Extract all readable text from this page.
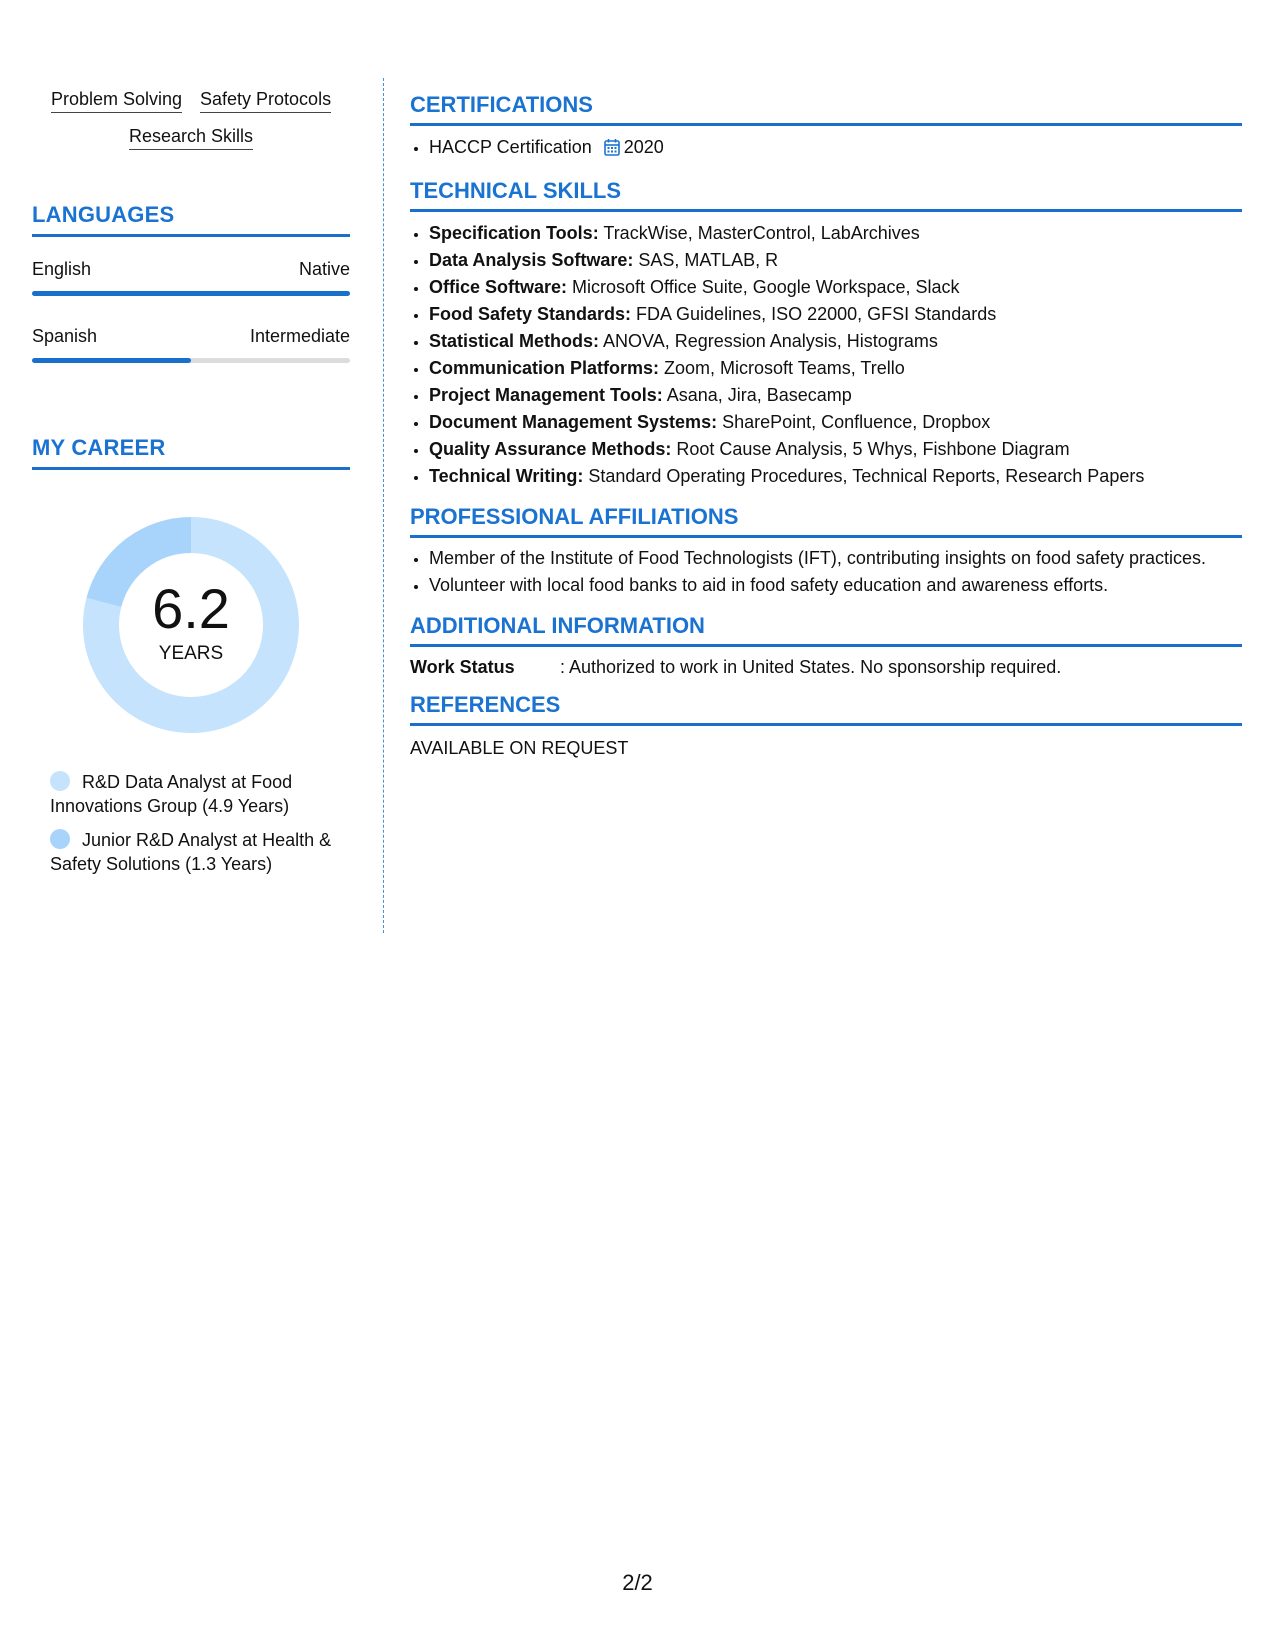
Problem Solving Safety Protocols
Research Skills
LANGUAGES
English	Native
Spanish	Intermediate
MY CAREER
6.2
YEARS
R&D Data Analyst at Food Innovations Group (4.9 Years)
Junior R&D Analyst at Health & Safety Solutions (1.3 Years)
CERTIFICATIONS
• HACCP Certification 2020
TECHNICAL SKILLS
• Specification Tools: TrackWise, MasterControl, LabArchives
• Data Analysis Software: SAS, MATLAB, R
• Office Software: Microsoft Office Suite, Google Workspace, Slack
• Food Safety Standards: FDA Guidelines, ISO 22000, GFSI Standards
• Statistical Methods: ANOVA, Regression Analysis, Histograms
• Communication Platforms: Zoom, Microsoft Teams, Trello
• Project Management Tools: Asana, Jira, Basecamp
• Document Management Systems: SharePoint, Confluence, Dropbox
• Quality Assurance Methods: Root Cause Analysis, 5 Whys, Fishbone Diagram
• Technical Writing: Standard Operating Procedures, Technical Reports, Research Papers
PROFESSIONAL AFFILIATIONS
• Member of the Institute of Food Technologists (IFT), contributing insights on food safety practices.
• Volunteer with local food banks to aid in food safety education and awareness efforts.
ADDITIONAL INFORMATION
Work Status	: Authorized to work in United States. No sponsorship required.
REFERENCES
AVAILABLE ON REQUEST
2/2
